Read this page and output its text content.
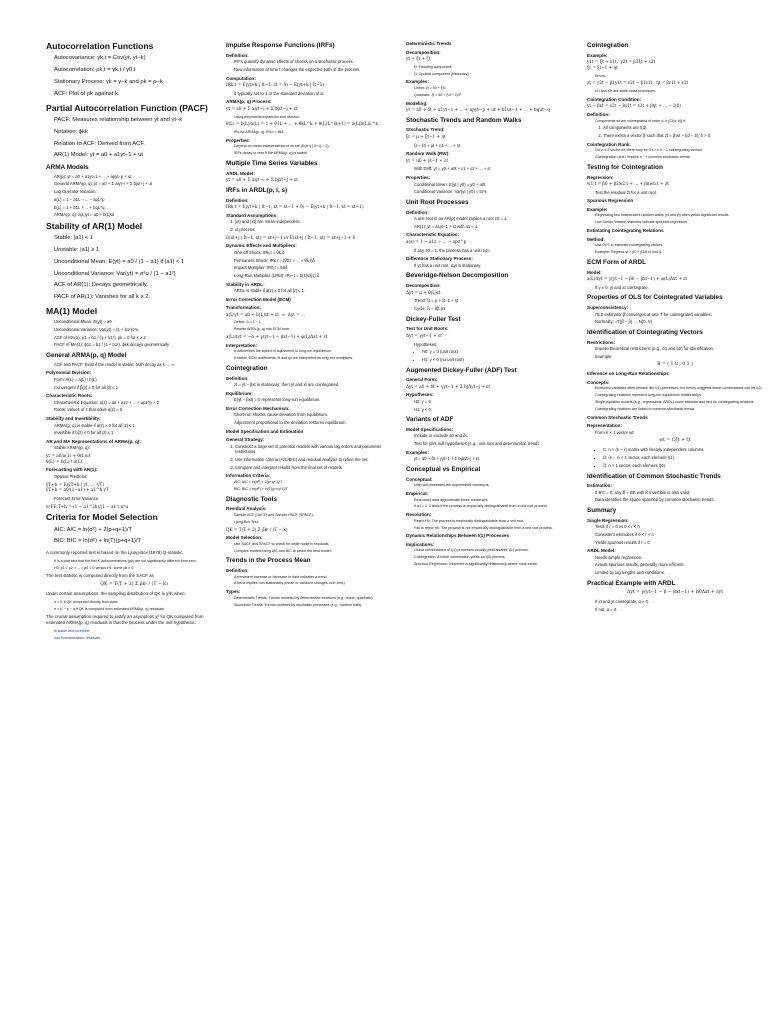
Autocorrelation Functions
• Autocovariance: γk,t = Cov(yt, yt−k)
• Autocorrelation: ρk,t = γk,t / γ0,t
• Stationary Process: γk = γ−k and ρk = ρ−k
• ACF: Plot of ρk against k.
Partial Autocorrelation Function (PACF)
• PACF: Measures relationship between yt and yt−k
• Notation: ϕkk
• Relation to ACF: Derived from ACF.
• AR(1) Model: yt = a0 + a1yt−1 + ut
ARMA Models
• AR(p): yt = a0 + a1yt−1 + ... + apyt−p + ut
• General ARMA(p, q): yt = a0 + Σ aiyt−i + Σ bjut−j + ut
• Lag Operator Notation:
• a(L) = 1 − a1L − ... − apL^p
• b(L) = 1 + b1L + ... + bqL^q
• ARMA(p, q): a(L)yt = a0 + b(L)ut
Stability of AR(1) Model
• Stable: |a1| < 1
• Unstable: |a1| ≥ 1
• Unconditional Mean: E(yt) = a0 / (1 − a1) if |a1| < 1
• Unconditional Variance: Var(yt) = σ²u / (1 − a1²)
• ACF of AR(1): Decays geometrically.
• PACF of AR(1): Vanishes for all k ≥ 2.
MA(1) Model
• Unconditional Mean: E(yt) = a0
• Unconditional Variance: Var(yt) = (1 + b1²)σ²u
• ACF of MA(1): ρ1 = b1 / (1 + b1²), ρk = 0 for k ≥ 2
• PACF of MA(1): ϕ11 = b1 / (1 + b1²), ϕkk decays geometrically
General ARMA(p, q) Model
• ACF and PACF: Exist if the model is stable; both decay as k → ∞
Polynomial Division:
• Form: θ(L) = a(L) / b(L)
• Convergent if β(z) ≠ 0 for all |z| ≤ 1
Characteristic Roots:
• Characteristic Equation: a(z) = a0 + a1z + ... + apz^p = 0
• Roots: Values of z that solve a(z) = 0
Stability and Invertibility:
• ARMA(p, q) is stable if a(z) ≠ 0 for all |z| ≤ 1
• Invertible if b(z) ≠ 0 for all |z| ≤ 1
AR and MA Representations of ARMA(p, q):
• Stable ARMA(p, q):
yt = a0/a(1) + θ(L)ut
θ(L) = b(L) / a(L)
Forecasting with AR(1):
• Optimal Predictor:
ŷT+h = E(yT+h | yt, ..., yT)
ŷT+h = a0/(1−a1) + a1^h yT
• Forecast Error Variance:
σ²FE,T+h = (1 − a1^2h)/(1 − a1²) σ²u
Criteria for Model Selection
• AIC: AIC = ln(σ̂²) + 2(p+q+1)/T
• BIC: BIC = ln(σ̂²) + ln(T)(p+q+1)/T
A commonly reported test is based on the Ljung-Box (1978) Q-statistic.
• It is a joint test that the first K autocorrelations (ρk) are not significantly different from zero.
• H0: ρ1 = ρ2 = ... = ρK = 0 versus H1: some ρk ≠ 0.
The test statistic is computed directly from the SACF as
QK = T(T + 2) Σ ρ̂k² / (T − k)
Under certain assumptions, the sampling distribution of QK is χ²K when:
• σ = K if QK computed directly from data;
• σ = K − p − q if QK is computed from estimated ARMA(p, q) residuals.
The crucial assumption required to justify an asymptotic χ² for QK computed from estimated ARMA(p, q) residuals is that the process under the null hypothesis:
• is stable and invertible;
• has homoscedastic residuals.
Impulse Response Functions (IRFs)
Definition:
• IRFs quantify dynamic effects of shocks on a stochastic process.
• New information at time t changes the expected path of the process.
Computation:
IRk,t = E(yt+k | It−1, εt = δ) − E(yt+k | It−1)
• δ typically set to 1 or the standard deviation of εt.
ARMA(p, q) Process:
yt = a0 + Σ aiyt−i + Σ bjεt−j + εt
• Using polynomial expansion and division:
θ(L) = b(L)/a(L) = 1 + θ1L + ... + θkL^k + θ(L)L^(k+1) = a(L)b(L)L^k
• IRs for ARMA(p, q): IRk,t = θkδ.
Properties:
• Depend on mean-independence of errors (E(εt+j | It−1) = 0).
• IRFs decay to zero if the ARMA(p, q) is stable.
Multiple Time Series Variables
ARDL Model:
yt = a0 + Σ aiyt−i + Σ bjxt−j + εt
IRFs in ARDL(p, l, s)
Definition:
IRk,t = E(yt+k | It−1, xt = xt−1 + δ) − E(yt+k | It−1, xt = xt−1)
Standard Assumptions:
1. {εt} and {xt} are mean-independent.
2. xt process:
E(xt+j | It−1, xt) = xt+j−1 or E(xt+j | It−1, xt) = xt+j−1 + δ
Dynamic Effects and Multipliers:
• One-off Shock: IRk,t = θk,δ
• Permanent Shock: IRk,t = (θ0,t + ... + θk,t)δ
• Impact Multiplier: IR0,t = b0δ
• Long-Run Multiplier (LRM): IR∞,t = b(1)/a(1) δ
Stability in ARDL:
• ARDL is stable if a(z) ≠ 0 for all |z| ≤ 1.
Error Correction Model (ECM)
Transformation:
a(L)yt = a0 + b(L)xt + εt  ⇒  Δyt = ...
• Define: Δ = 1 − L
• Rewrite ARDL(p, q) into ECM form:
a(L)Δyt = −α + γ(yt−1 − βxt−1) + φ(L)Δxt + εt
Interpretation:
• α determines the speed of adjustment to long-run equilibrium.
• If stable, ECM coefficients, θi and ψi are interpreted as long-run multipliers.
Cointegration
Definition:
• zt = yt − βxt is stationary; then yt and xt are cointegrated.
Equilibrium:
• E(yt − βxt) = 0 represents long-run equilibrium.
Error Correction Mechanism:
• Short-run shocks cause deviation from equilibrium.
• Adjustment proportional to the deviation restores equilibrium.
Model Specification and Estimation
General Strategy:
1. Construct a large set of potential models with various lag orders and parameter restrictions.
2. Use information criteria (AIC/BIC) and residual analysis to refine the set.
3. Compare and interpret results from the final set of models.
Information Criteria:
• AIC: AIC = ln(σ̂²) + 2(p+q+1)/T
• BIC: BIC = ln(σ̂²) + ln(T)(p+q+1)/T
Diagnostic Tools
Residual Analysis:
• Sample ACF (SACF) and Sample PACF (SPACF).
• Ljung-Box Test:
QK = T(T + 2) Σ ρ̂k² / (T − k)
Model Selection:
• Use SACF and SPACF to check for white noise in residuals.
• Compare models using AIC and BIC to select the best model.
Trends in the Process Mean
Definition:
• A persistent increase or decrease in data indicates a trend.
• A trend implies non-stationarity (mean or variance changes over time).
Types:
• Deterministic Trends: Trends modeled by deterministic functions (e.g., linear, quadratic).
• Stochastic Trends: Trends modeled by stochastic processes (e.g., random walk).
Deterministic Trends
Decomposition:
yt = ξt + ζt
• ξt: Trending component.
• ζt: Cyclical component (stationary).
Examples:
• Linear: ξt = δ0 + ξ1t
• Quadratic: ξt = δ0 + ξ1t + ξ2t²
Modeling:
yt = a0 + δt + a1yt−1 + ... + apyt−p + ut + b1ut−1 + ... + bqut−q
Stochastic Trends and Random Walks
Stochastic Trend:
ξt = μ + ξt−1 + ηt
• ξt = ξ0 + μt + η1 + ... + ηt
Random Walk (RW):
yt = u0 + yt−1 + εt
• With Drift: yt = y0 + a0t + ε1 + ε2 + ... + εt
Properties:
• Conditional Mean: E(yt | y0) = y0 + a0t
• Conditional Variance: Var(yt | y0) = tσ²ε
Unit Root Processes
Definition:
• A unit root in an AR(p) model implies a root z0 = 1.
• AR(1): yt = a1yt−1 + εt with a1 = 1.
Characteristic Equation:
a(z) = 1 − a1z − ... − apz^p
• If any z0 = 1, the process has a unit root.
Difference Stationary Process:
• If yt has a unit root, Δyt is stationary.
Beveridge-Nelson Decomposition
Decomposition:
Δyt = μ + θ(L)εt
• Trend: ξt = μ + ξt−1 + ηt
• Cycle: ζt = θ̃(L)εt
Dickey-Fuller Test
Test for Unit Roots:
Δyt = γyt−1 + εt
• Hypotheses:
• H0: γ = 0 (unit root)
• H1: γ < 0 (no unit root)
Augmented Dickey-Fuller (ADF) Test
General Form:
Δyt = a0 + δt + γyt−1 + Σ bjΔyt−j + εt
Hypotheses:
• H0: γ = 0
• H1: γ < 0
Variants of ADF
Model Specifications:
• Include or exclude a0 and δt.
• Test for joint null hypotheses (e.g., unit root and deterministic trend).
Examples:
• yt = a0 + δt + γyt−1 + Σ bjΔyt−j + εt
Conceptual vs Empirical
Conceptual:
• Unit root processes are hypothetical constructs.
Empirical:
• Real-world data approximate these constructs.
• If a1 ≈ 1: 0 tests if the process is empirically distinguishable from a unit root process.
Resolution:
• Reject H0: The process is empirically distinguishable from a unit root.
• Fail to reject H0: The process is not empirically distinguishable from a unit root process.
Dynamic Relationships Between I(1) Processes
Implications:
• Linear combinations of I(1) processes usually yield another I(1) process.
• Cointegration: A linear combination yields an I(0) process.
• Spurious Regression: Inference is significantly relationship where none exists.
Cointegration
Example:
y1t = ξt + ε1t,  y2t = β1ξt + ε2t
ξt = ξt−1 + ηt
• Errors:
zt = y2t − β1y1t = ε2t − β1ε1t,  ηt = βε1t + ε2t
• ε1t and ε2t are white noise processes.
Cointegration Condition:
yt − βxt = ε2t − βε1t = ε2t + βηt + ... − I(0)
Definition:
• Components wt are cointegrated of order d, b [CI(d, b)] if:
1. All components are I(d).
2. There exists a vector β such that zt = β'wt ~ I(d − b), b > 0.
Cointegration Rank:
• For n ≥ 2 vector wt, there may be 0 ≤ r ≤ n − 1 cointegrating vectors.
• Cointegration rank r implies n − r common stochastic trends.
Testing for Cointegration
Regression:
w1,t = β0 + β2w2,t + ... + βnwn,t + zt
• Test the residual ẑt for a unit root.
Spurious Regression
Example:
• Regressing two independent random walks (xt and yt) often yields significant results.
• Low Durbin-Watson statistics indicate spurious regression.
Estimating Cointegrating Relations
Method:
• Use OLS to estimate cointegrating vectors.
• Example: Regress yt = β0 + β1xt to find β.
ECM Form of ARDL
Model:
a(L)Δyt = γ(yt−1 − β0 − βxt−1) + φ(L)Δxt + εt
• If γ ≠ 0, yt and xt cointegrate.
Properties of OLS for Cointegrated Variables
Superconsistency:
• OLS estimator β̂ converges at rate T for cointegrated variables.
• Normality: √T(β̂ − β) → N(0, V)
Identification of Cointegrating Vectors
Restrictions:
• Impose theoretical restrictions (e.g., b1 and b2) for identification.
• Example:
B = ( 1 0 ; 0 1 )
Inference on Long-Run Relationships
Concepts:
• Economic variables often behave like I(1) processes, but theory suggests linear combinations can be I(0).
• Cointegrating relations represent long-run equilibrium relationships.
• Single-equation models (e.g., regressions, ARDL) cover estimate and test for cointegrating relations.
• Cointegrating relations are linked to common stochastic trends.
Common Stochastic Trends
Representation:
• Form n × 1 vector wt:
wt = Cξt + ζt
• C: n × (n − r) matrix with linearly independent columns.
• ξt: (n − r) × 1 vector, each element I(1).
• ζt: n × 1 vector, each element I(0).
Identification of Common Stochastic Trends
Estimation:
• If B'C = 0, any B̃ = BK with K invertible is also valid.
• Data identifies the space spanned by common stochastic trends.
Summary
Single Regression:
• Tests if r = 0 vs 0 < r < n
• Consistent estimates if 0 < r < n
• Yields spurious results if r = 0
ARDL Model:
• Needs simple regression.
• Avoids spurious results, generally more efficient.
• Limited by lag lengths and conditions.
Practical Example with ARDL
Δyt = γ(yt−1 − β − βxt−1) + b0Δxt + εyt
• If xt and yt cointegrate, α ≠ 0.
• If not, α = 0.
